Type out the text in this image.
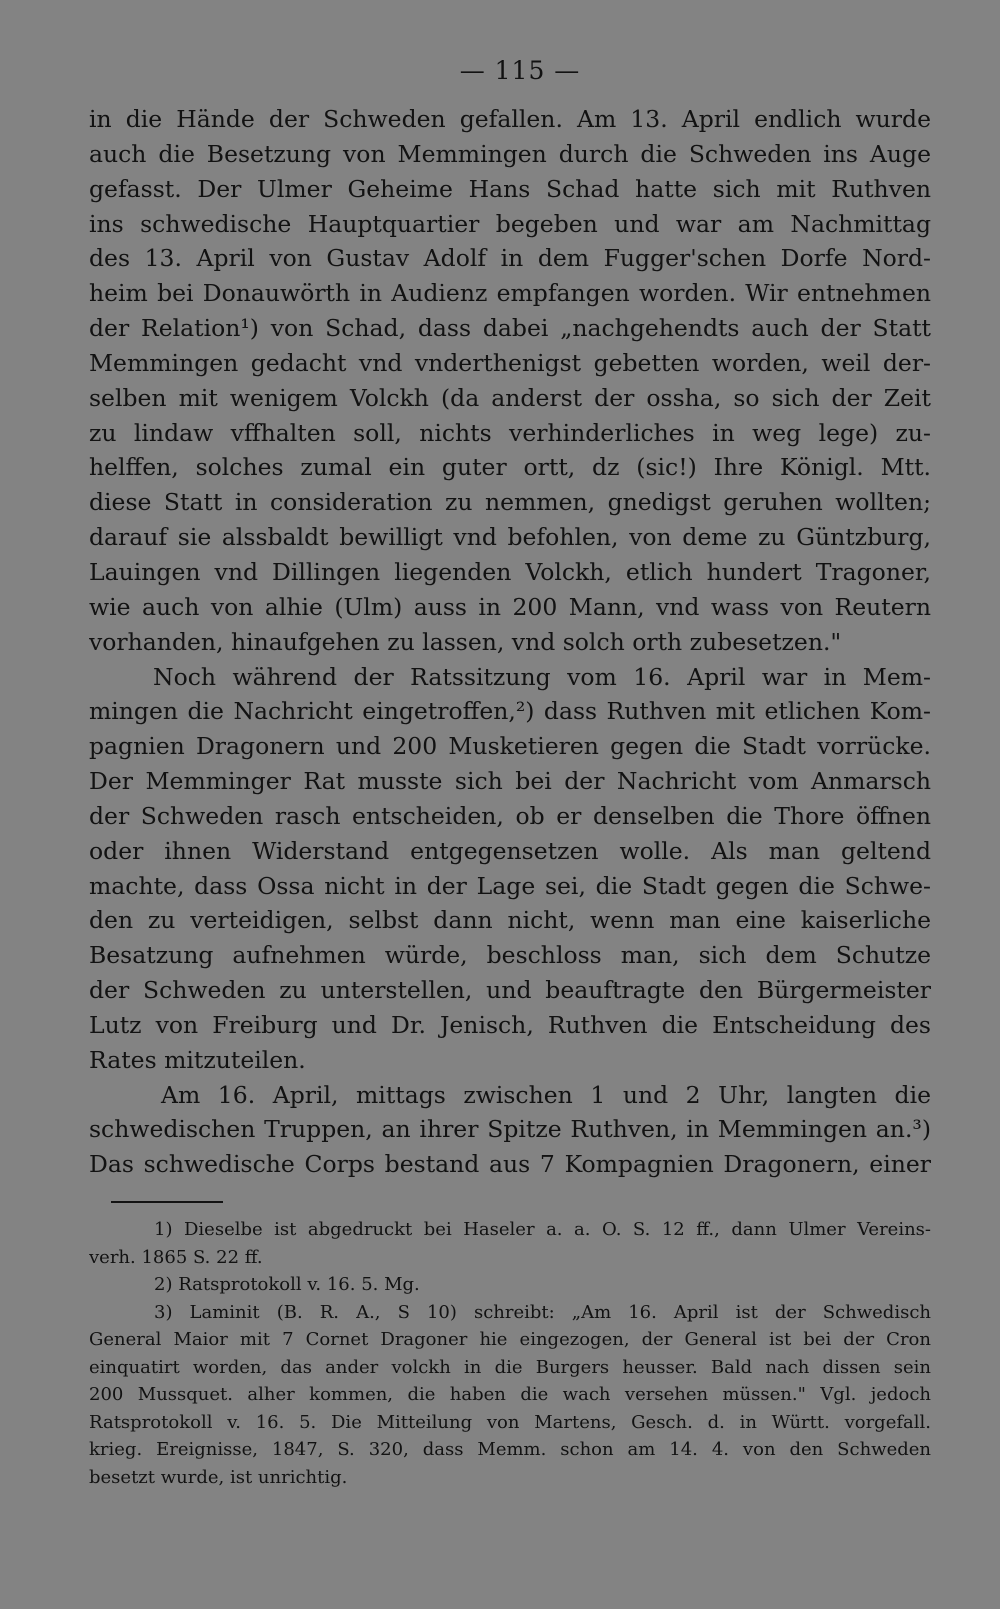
— 115 —
in die Hände der Schweden gefallen. Am 13. April endlich wurde
auch die Besetzung von Memmingen durch die Schweden ins Auge
gefasst. Der Ulmer Geheime Hans Schad hatte sich mit Ruthven
ins schwedische Hauptquartier begeben und war am Nachmittag
des 13. April von Gustav Adolf in dem Fugger'schen Dorfe Nord-
heim bei Donauwörth in Audienz empfangen worden. Wir entnehmen
der Relation¹) von Schad, dass dabei „nachgehendts auch der Statt
Memmingen gedacht vnd vnderthenigst gebetten worden, weil der-
selben mit wenigem Volckh (da anderst der ossha, so sich der Zeit
zu lindaw vffhalten soll, nichts verhinderliches in weg lege) zu-
helffen, solches zumal ein guter ortt, dz (sic!) Ihre Königl. Mtt.
diese Statt in consideration zu nemmen, gnedigst geruhen wollten;
darauf sie alssbaldt bewilligt vnd befohlen, von deme zu Güntzburg,
Lauingen vnd Dillingen liegenden Volckh, etlich hundert Tragoner,
wie auch von alhie (Ulm) auss in 200 Mann, vnd wass von Reutern
vorhanden, hinaufgehen zu lassen, vnd solch orth zubesetzen."
Noch während der Ratssitzung vom 16. April war in Mem-
mingen die Nachricht eingetroffen,²) dass Ruthven mit etlichen Kom-
pagnien Dragonern und 200 Musketieren gegen die Stadt vorrücke.
Der Memminger Rat musste sich bei der Nachricht vom Anmarsch
der Schweden rasch entscheiden, ob er denselben die Thore öffnen
oder ihnen Widerstand entgegensetzen wolle. Als man geltend
machte, dass Ossa nicht in der Lage sei, die Stadt gegen die Schwe-
den zu verteidigen, selbst dann nicht, wenn man eine kaiserliche
Besatzung aufnehmen würde, beschloss man, sich dem Schutze
der Schweden zu unterstellen, und beauftragte den Bürgermeister
Lutz von Freiburg und Dr. Jenisch, Ruthven die Entscheidung des
Rates mitzuteilen.
Am 16. April, mittags zwischen 1 und 2 Uhr, langten die
schwedischen Truppen, an ihrer Spitze Ruthven, in Memmingen an.³)
Das schwedische Corps bestand aus 7 Kompagnien Dragonern, einer
1) Dieselbe ist abgedruckt bei Haseler a. a. O. S. 12 ff., dann Ulmer Vereins-
verh. 1865 S. 22 ff.
2) Ratsprotokoll v. 16. 5. Mg.
3) Laminit (B. R. A., S 10) schreibt: „Am 16. April ist der Schwedisch
General Maior mit 7 Cornet Dragoner hie eingezogen, der General ist bei der Cron
einquatirt worden, das ander volckh in die Burgers heusser. Bald nach dissen sein
200 Mussquet. alher kommen, die haben die wach versehen müssen." Vgl. jedoch
Ratsprotokoll v. 16. 5. Die Mitteilung von Martens, Gesch. d. in Württ. vorgefall.
krieg. Ereignisse, 1847, S. 320, dass Memm. schon am 14. 4. von den Schweden
besetzt wurde, ist unrichtig.
